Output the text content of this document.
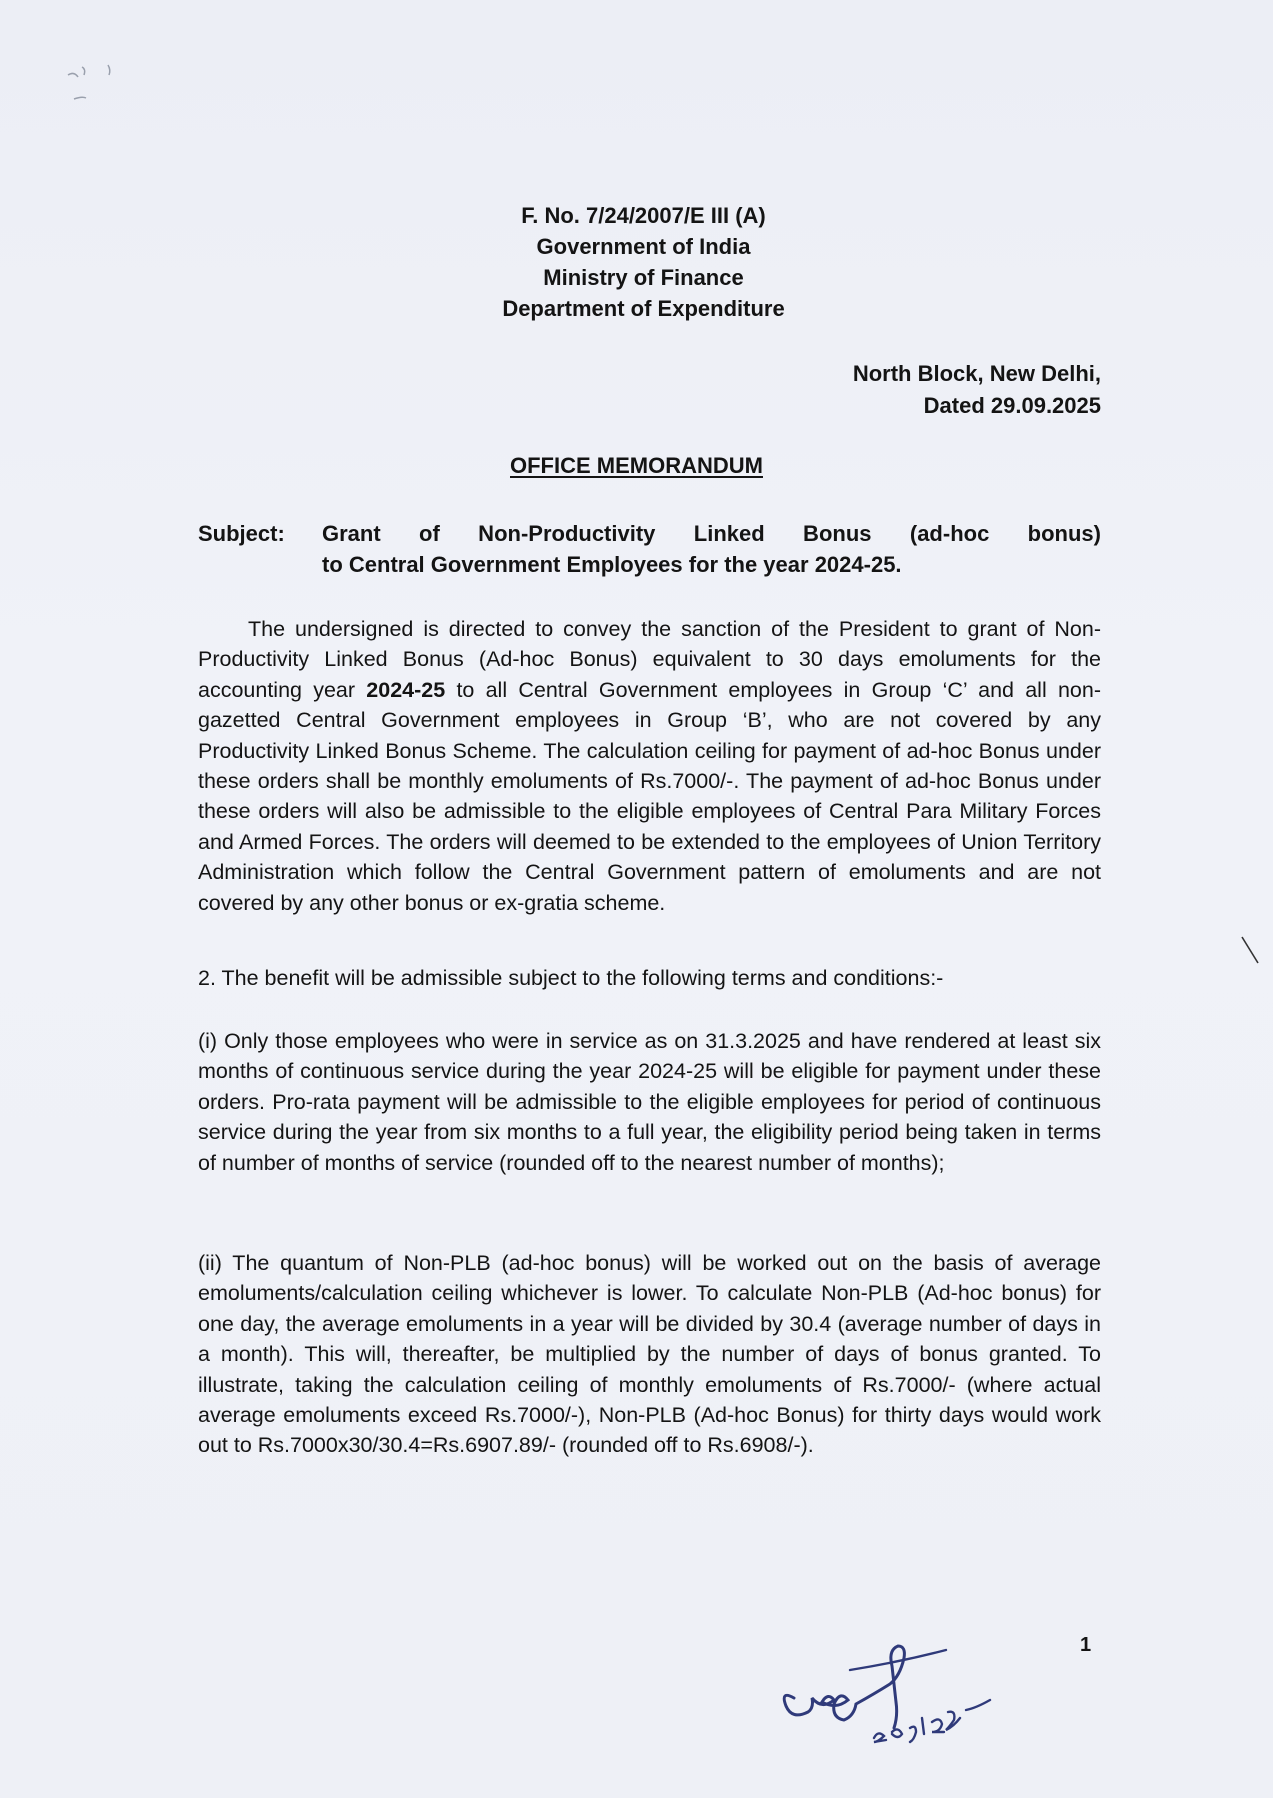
F. No. 7/24/2007/E III (A)
Government of India
Ministry of Finance
Department of Expenditure
North Block, New Delhi,
Dated 29.09.2025
OFFICE MEMORANDUM
Subject: Grant of Non-Productivity Linked Bonus (ad-hoc bonus)
to Central Government Employees for the year 2024-25.
The undersigned is directed to convey the sanction of the President to grant of Non-Productivity Linked Bonus (Ad-hoc Bonus) equivalent to 30 days emoluments for the accounting year 2024-25 to all Central Government employees in Group ‘C’ and all non-gazetted Central Government employees in Group ‘B’, who are not covered by any Productivity Linked Bonus Scheme. The calculation ceiling for payment of ad-hoc Bonus under these orders shall be monthly emoluments of Rs.7000/-. The payment of ad-hoc Bonus under these orders will also be admissible to the eligible employees of Central Para Military Forces and Armed Forces. The orders will deemed to be extended to the employees of Union Territory Administration which follow the Central Government pattern of emoluments and are not covered by any other bonus or ex-gratia scheme.
2. The benefit will be admissible subject to the following terms and conditions:-
(i) Only those employees who were in service as on 31.3.2025 and have rendered at least six months of continuous service during the year 2024-25 will be eligible for payment under these orders. Pro-rata payment will be admissible to the eligible employees for period of continuous service during the year from six months to a full year, the eligibility period being taken in terms of number of months of service (rounded off to the nearest number of months);
(ii) The quantum of Non-PLB (ad-hoc bonus) will be worked out on the basis of average emoluments/calculation ceiling whichever is lower. To calculate Non-PLB (Ad-hoc bonus) for one day, the average emoluments in a year will be divided by 30.4 (average number of days in a month). This will, thereafter, be multiplied by the number of days of bonus granted. To illustrate, taking the calculation ceiling of monthly emoluments of Rs.7000/- (where actual average emoluments exceed Rs.7000/-), Non-PLB (Ad-hoc Bonus) for thirty days would work out to Rs.7000x30/30.4=Rs.6907.89/- (rounded off to Rs.6908/-).
1
